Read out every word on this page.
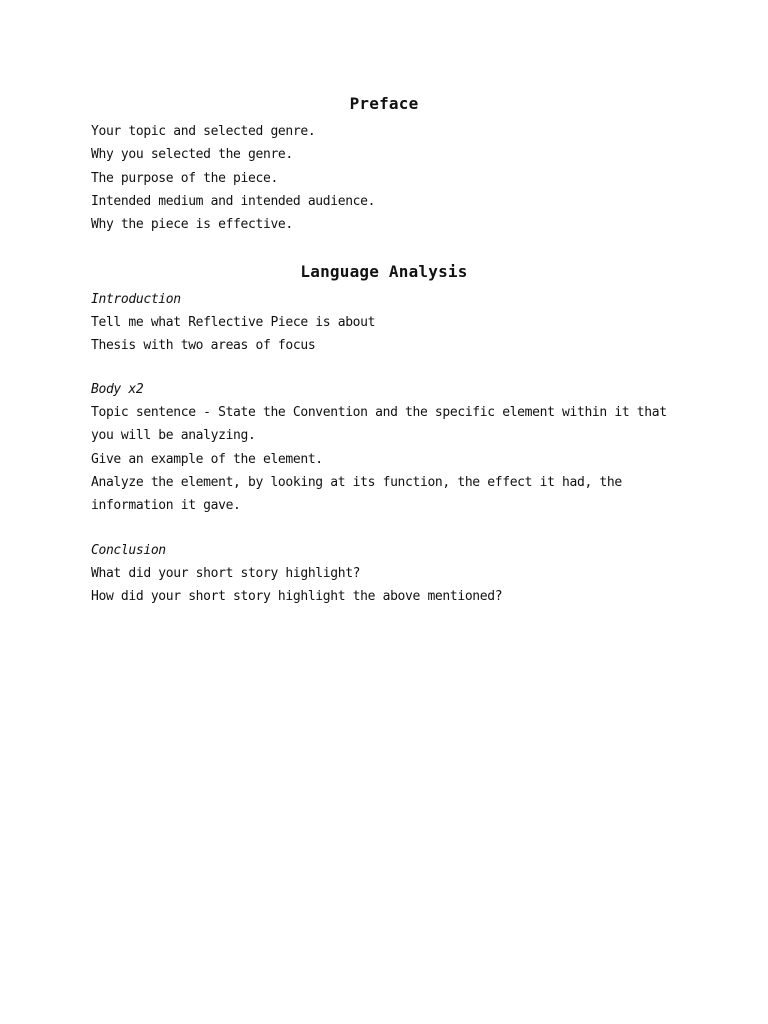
Preface
Your topic and selected genre.
Why you selected the genre.
The purpose of the piece.
Intended medium and intended audience.
Why the piece is effective.
Language Analysis
Introduction
Tell me what Reflective Piece is about
Thesis with two areas of focus
Body x2
Topic sentence - State the Convention and the specific element within it that
you will be analyzing.
Give an example of the element.
Analyze the element, by looking at its function, the effect it had, the
information it gave.
Conclusion
What did your short story highlight?
How did your short story highlight the above mentioned?
